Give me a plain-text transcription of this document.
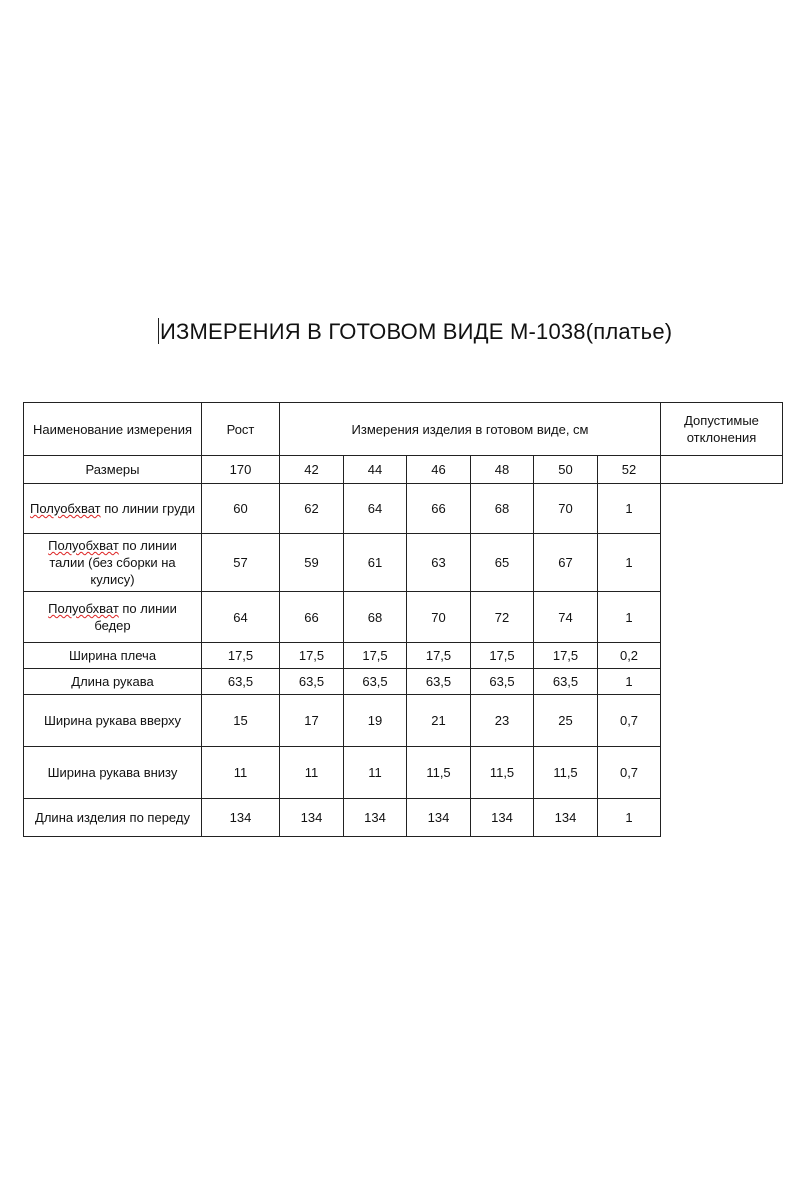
ИЗМЕРЕНИЯ В ГОТОВОМ ВИДЕ М-1038(платье)
Наименование измерения	Рост	Измерения изделия в готовом виде, см						Допустимые отклонения
Размеры	170	42	44	46	48	50	52	
Полуобхват по линии груди	60	62	64	66	68	70	1	
Полуобхват по линии талии (без сборки на кулису)	57	59	61	63	65	67	1	
Полуобхват по линии бедер	64	66	68	70	72	74	1	
Ширина плеча	17,5	17,5	17,5	17,5	17,5	17,5	0,2	
Длина рукава	63,5	63,5	63,5	63,5	63,5	63,5	1	
Ширина рукава вверху	15	17	19	21	23	25	0,7	
Ширина рукава внизу	11	11	11	11,5	11,5	11,5	0,7	
Длина изделия по переду	134	134	134	134	134	134	1	
